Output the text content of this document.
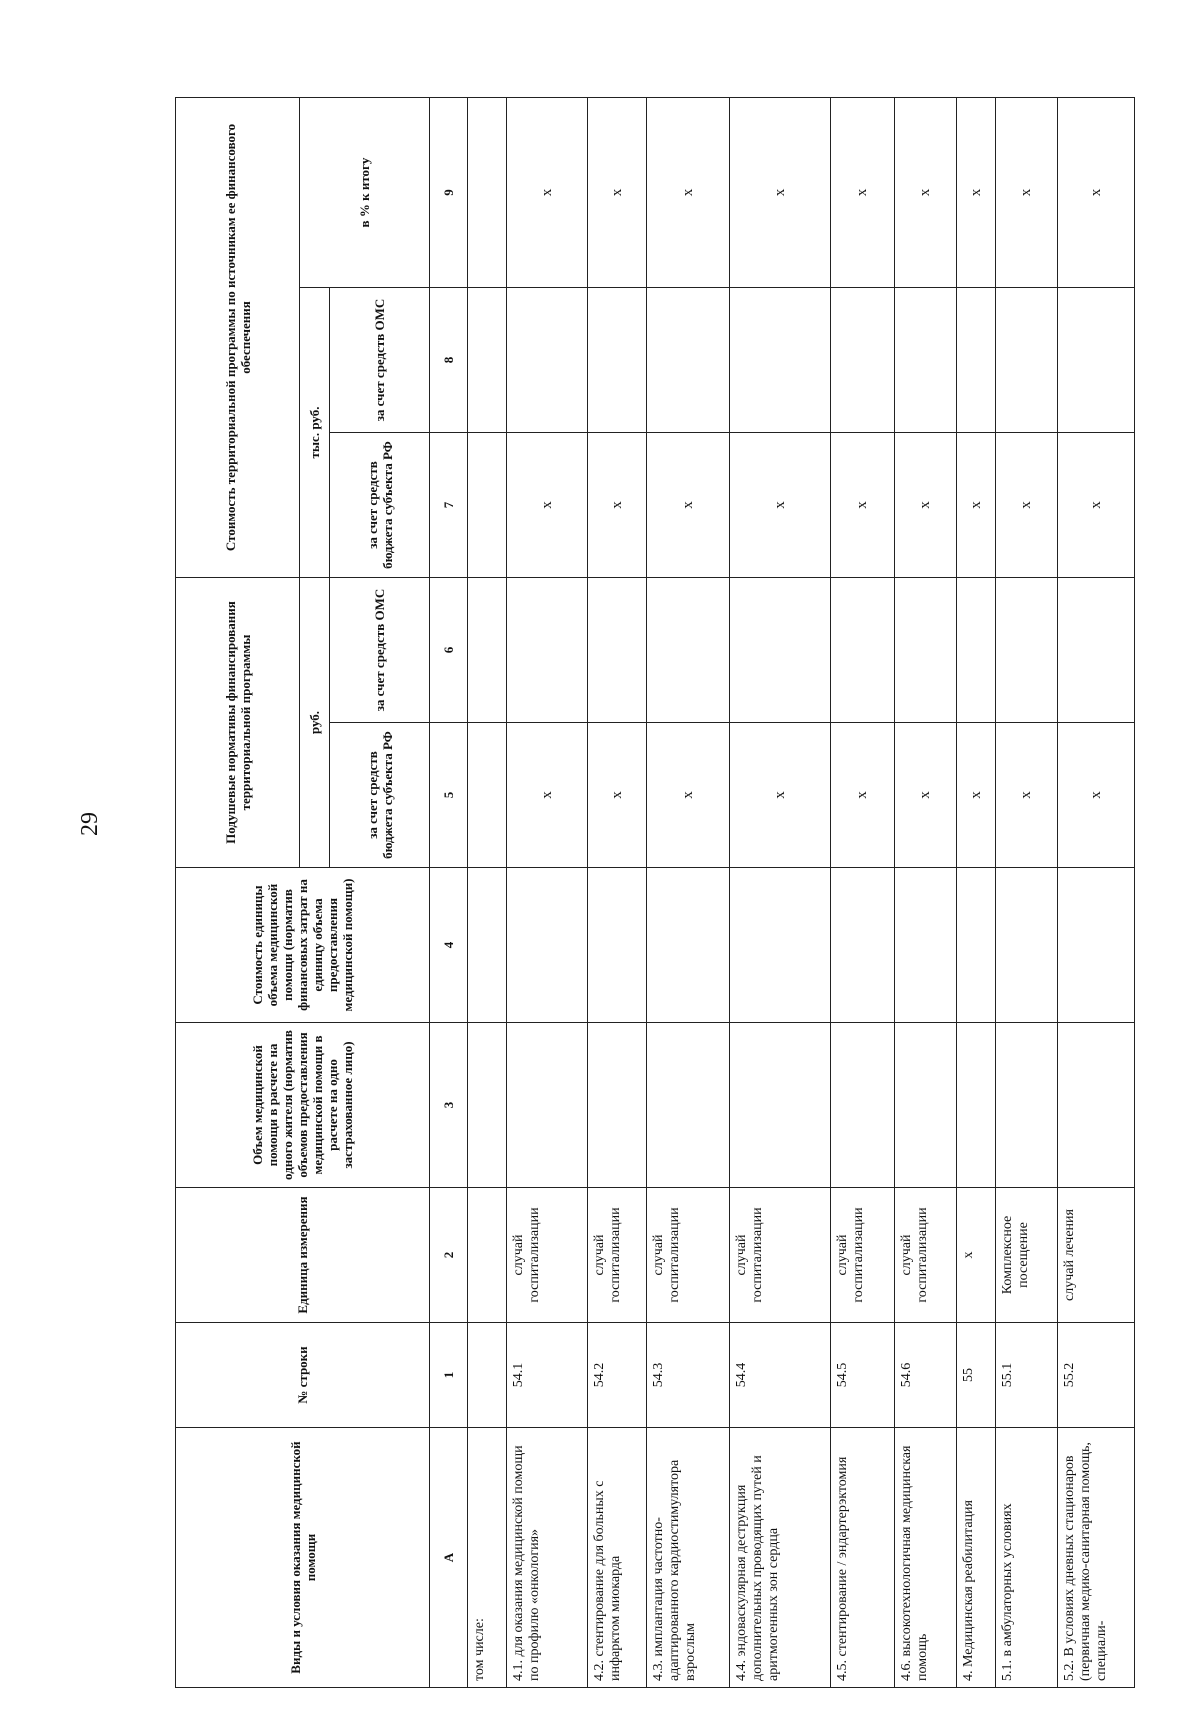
29
Виды и условия оказания медицинской помощи	№ строки	Единица измерения	Объем медицинской помощи в расчете на одного жителя (норматив объемов предоставления медицинской помощи в расчете на одно застрахованное лицо)	Стоимость единицы объема медицинской помощи (норматив финансовых затрат на единицу объема предоставления медицинской помощи)	Подушевые нормативы финансирования территориальной программы		Стоимость территориальной программы по источникам ее финансового обеспечения		
					руб.		тыс. руб.		в % к итогу
					за счет средств бюджета субъекта РФ	за счет средств ОМС	за счет средств бюджета субъекта РФ	за счет средств ОМС	
А	1	2	3	4	5	6	7	8	9
том числе:									
4.1. для оказания медицинской помощи по профилю «онкология»	54.1	случай госпитализации			х		х		х
4.2. стентирование для больных с инфарктом миокарда	54.2	случай госпитализации			х		х		х
4.3. имплантация частотно-адаптированного кардиостимулятора взрослым	54.3	случай госпитализации			х		х		х
4.4. эндоваскулярная деструкция дополнительных проводящих путей и аритмогенных зон сердца	54.4	случай госпитализации			х		х		х
4.5. стентирование / эндартерэктомия	54.5	случай госпитализации			х		х		х
4.6. высокотехнологичная медицинская помощь	54.6	случай госпитализации			х		х		х
4. Медицинская реабилитация	55	х			х		х		х
5.1. в амбулаторных условиях	55.1	Комплексное посещение			х		х		х
5.2. В условиях дневных стационаров (первичная медико-санитарная помощь, специали-	55.2	случай лечения			х		х		х
